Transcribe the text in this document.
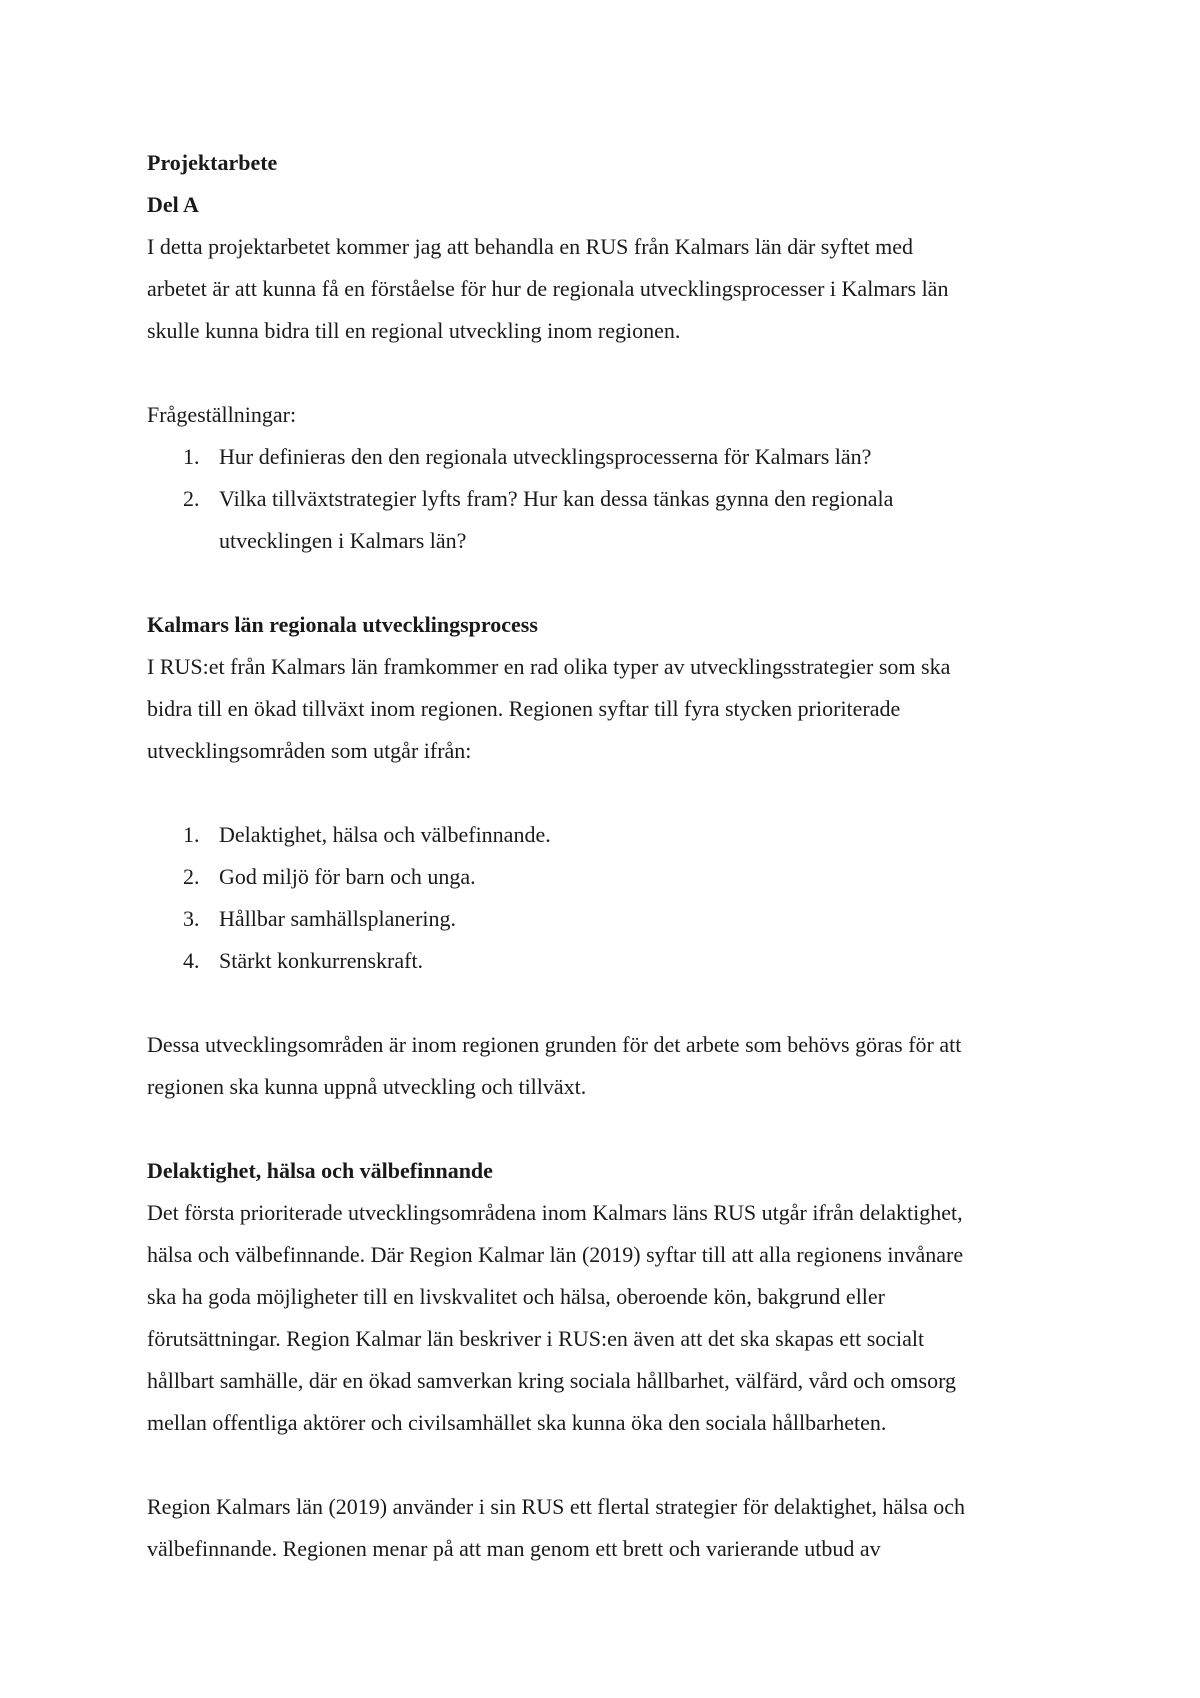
Projektarbete
Del A
I detta projektarbetet kommer jag att behandla en RUS från Kalmars län där syftet med
arbetet är att kunna få en förståelse för hur de regionala utvecklingsprocesser i Kalmars län
skulle kunna bidra till en regional utveckling inom regionen.
Frågeställningar:
1. Hur definieras den den regionala utvecklingsprocesserna för Kalmars län?
2. Vilka tillväxtstrategier lyfts fram? Hur kan dessa tänkas gynna den regionala
utvecklingen i Kalmars län?
Kalmars län regionala utvecklingsprocess
I RUS:et från Kalmars län framkommer en rad olika typer av utvecklingsstrategier som ska
bidra till en ökad tillväxt inom regionen. Regionen syftar till fyra stycken prioriterade
utvecklingsområden som utgår ifrån:
1. Delaktighet, hälsa och välbefinnande.
2. God miljö för barn och unga.
3. Hållbar samhällsplanering.
4. Stärkt konkurrenskraft.
Dessa utvecklingsområden är inom regionen grunden för det arbete som behövs göras för att
regionen ska kunna uppnå utveckling och tillväxt.
Delaktighet, hälsa och välbefinnande
Det första prioriterade utvecklingsområdena inom Kalmars läns RUS utgår ifrån delaktighet,
hälsa och välbefinnande. Där Region Kalmar län (2019) syftar till att alla regionens invånare
ska ha goda möjligheter till en livskvalitet och hälsa, oberoende kön, bakgrund eller
förutsättningar. Region Kalmar län beskriver i RUS:en även att det ska skapas ett socialt
hållbart samhälle, där en ökad samverkan kring sociala hållbarhet, välfärd, vård och omsorg
mellan offentliga aktörer och civilsamhället ska kunna öka den sociala hållbarheten.
Region Kalmars län (2019) använder i sin RUS ett flertal strategier för delaktighet, hälsa och
välbefinnande. Regionen menar på att man genom ett brett och varierande utbud av
